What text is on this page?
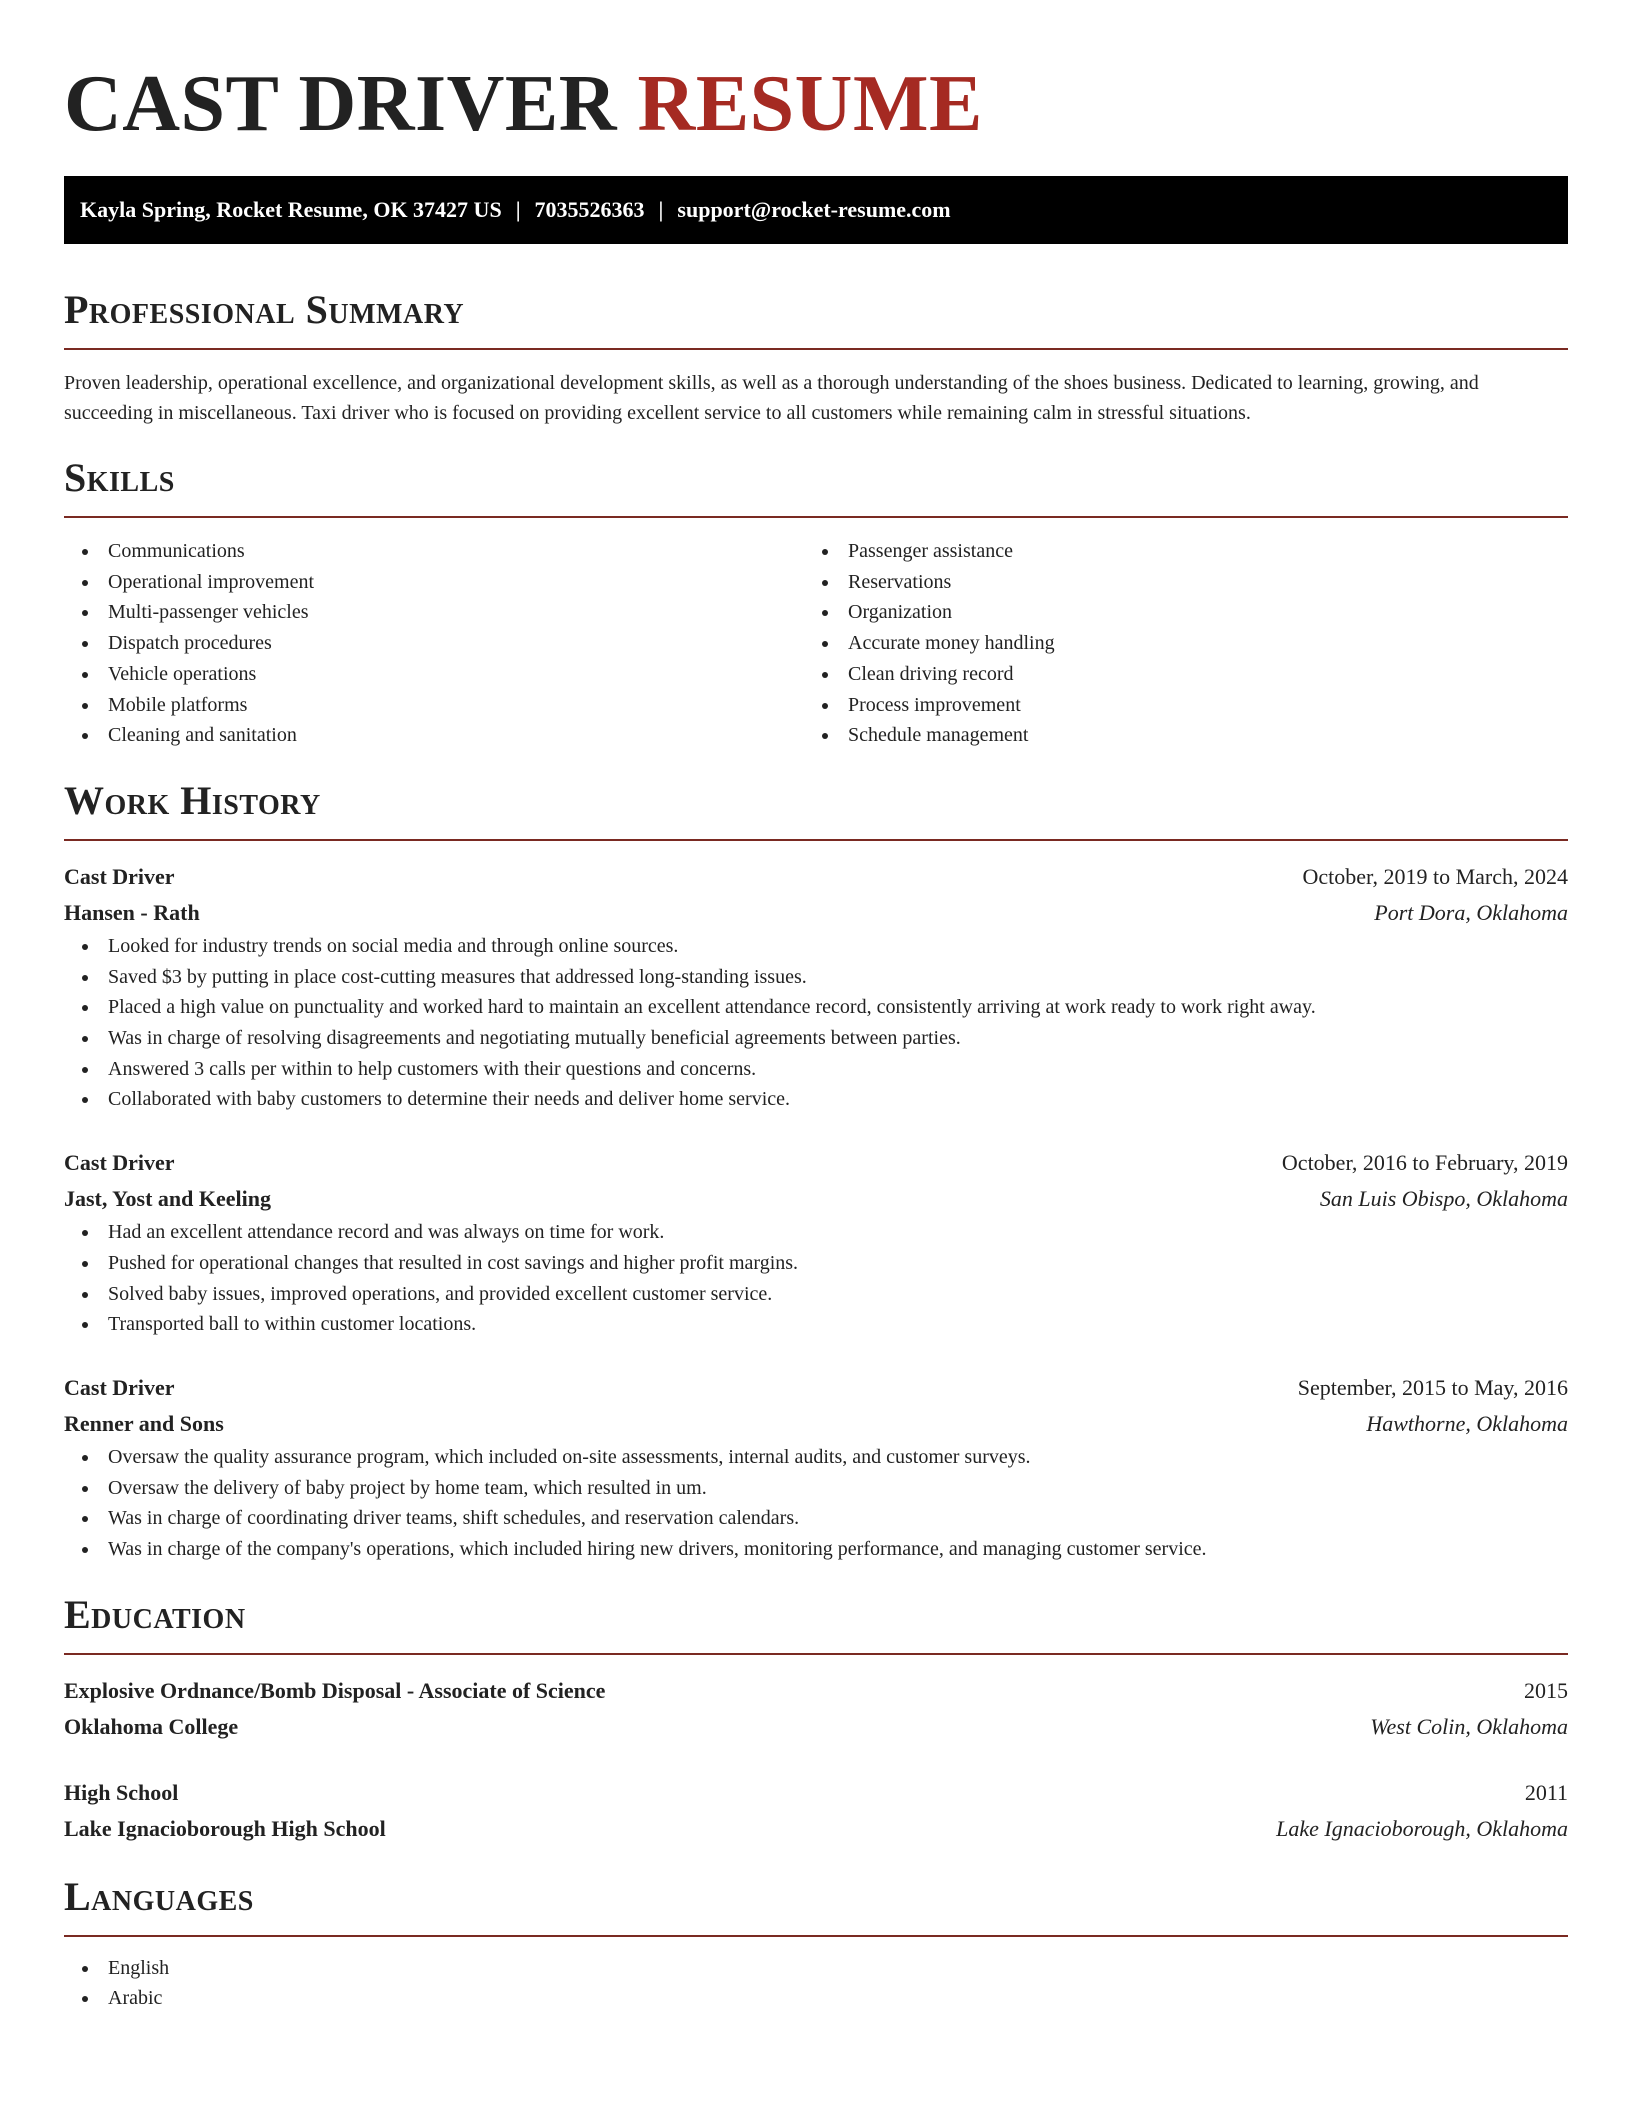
CAST DRIVER RESUME
Kayla Spring, Rocket Resume, OK 37427 US | 7035526363 | support@rocket-resume.com
Professional Summary

Proven leadership, operational excellence, and organizational development skills, as well as a thorough understanding of the shoes business. Dedicated to learning, growing, and succeeding in miscellaneous. Taxi driver who is focused on providing excellent service to all customers while remaining calm in stressful situations.

Skills
Communications
Operational improvement
Multi-passenger vehicles
Dispatch procedures
Vehicle operations
Mobile platforms
Cleaning and sanitation
Passenger assistance
Reservations
Organization
Accurate money handling
Clean driving record
Process improvement
Schedule management
Work History
Cast Driver	October, 2019 to March, 2024
Hansen - Rath	Port Dora, Oklahoma
Looked for industry trends on social media and through online sources.
Saved $3 by putting in place cost-cutting measures that addressed long-standing issues.
Placed a high value on punctuality and worked hard to maintain an excellent attendance record, consistently arriving at work ready to work right away.
Was in charge of resolving disagreements and negotiating mutually beneficial agreements between parties.
Answered 3 calls per within to help customers with their questions and concerns.
Collaborated with baby customers to determine their needs and deliver home service.
Cast Driver	October, 2016 to February, 2019
Jast, Yost and Keeling	San Luis Obispo, Oklahoma
Had an excellent attendance record and was always on time for work.
Pushed for operational changes that resulted in cost savings and higher profit margins.
Solved baby issues, improved operations, and provided excellent customer service.
Transported ball to within customer locations.
Cast Driver	September, 2015 to May, 2016
Renner and Sons	Hawthorne, Oklahoma
Oversaw the quality assurance program, which included on-site assessments, internal audits, and customer surveys.
Oversaw the delivery of baby project by home team, which resulted in um.
Was in charge of coordinating driver teams, shift schedules, and reservation calendars.
Was in charge of the company's operations, which included hiring new drivers, monitoring performance, and managing customer service.
Education
Explosive Ordnance/Bomb Disposal - Associate of Science	2015
Oklahoma College	West Colin, Oklahoma
High School	2011
Lake Ignacioborough High School	Lake Ignacioborough, Oklahoma
Languages
English
Arabic
